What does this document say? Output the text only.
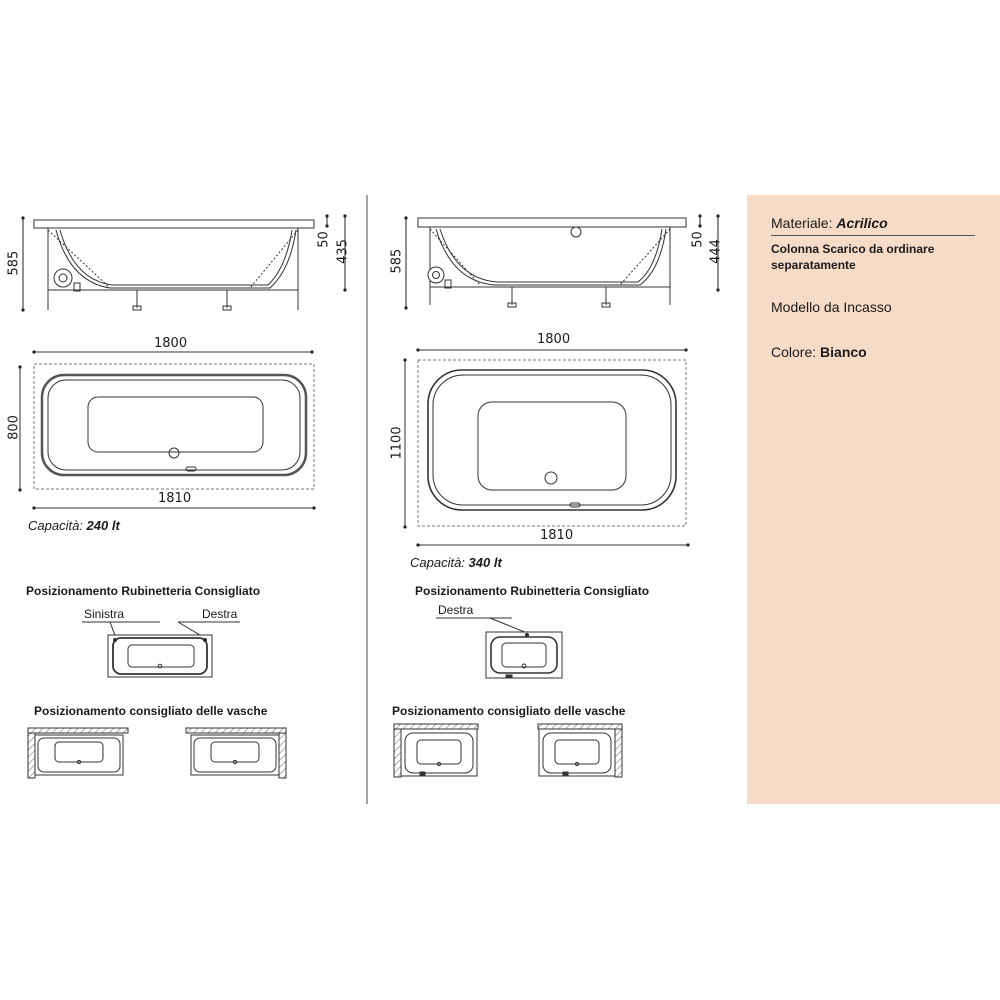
585
50 435
1800
800
1810
Capacità: 240 lt
Posizionamento Rubinetteria Consigliato
Sinistra	Destra
Posizionamento consigliato delle vasche
585
50 444
1800
1100
1810
Capacità: 340 lt
Posizionamento Rubinetteria Consigliato
Destra
Posizionamento consigliato delle vasche
Materiale: Acrilico
Colonna Scarico da ordinare separatamente
Modello da Incasso
Colore: Bianco
